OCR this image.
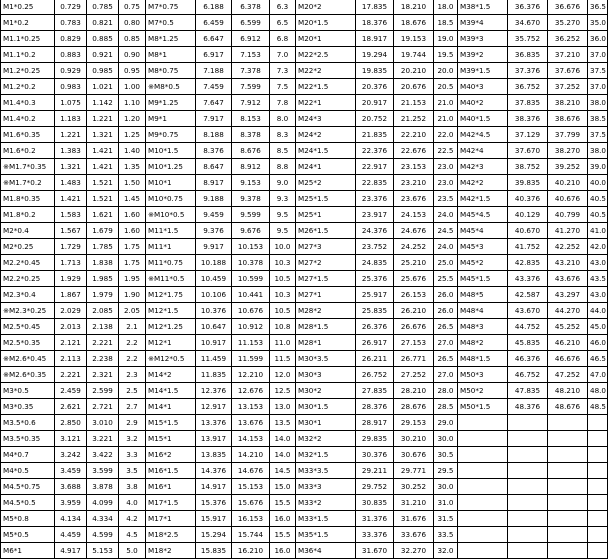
M1*0.25	0.729	0.785	0.75	M7*0.75	6.188	6.378	6.3	M20*2	17.835	18.210	18.0	M38*1.5	36.376	36.676	36.5
M1*0.2	0.783	0.821	0.80	M7*0.5	6.459	6.599	6.5	M20*1.5	18.376	18.676	18.5	M39*4	34.670	35.270	35.0
M1.1*0.25	0.829	0.885	0.85	M8*1.25	6.647	6.912	6.8	M20*1	18.917	19.153	19.0	M39*3	35.752	36.252	36.0
M1.1*0.2	0.883	0.921	0.90	M8*1	6.917	7.153	7.0	M22*2.5	19.294	19.744	19.5	M39*2	36.835	37.210	37.0
M1.2*0.25	0.929	0.985	0.95	M8*0.75	7.188	7.378	7.3	M22*2	19.835	20.210	20.0	M39*1.5	37.376	37.676	37.5
M1.2*0.2	0.983	1.021	1.00	※M8*0.5	7.459	7.599	7.5	M22*1.5	20.376	20.676	20.5	M40*3	36.752	37.252	37.0
M1.4*0.3	1.075	1.142	1.10	M9*1.25	7.647	7.912	7.8	M22*1	20.917	21.153	21.0	M40*2	37.835	38.210	38.0
M1.4*0.2	1.183	1.221	1.20	M9*1	7.917	8.153	8.0	M24*3	20.752	21.252	21.0	M40*1.5	38.376	38.676	38.5
M1.6*0.35	1.221	1.321	1.25	M9*0.75	8.188	8.378	8.3	M24*2	21.835	22.210	22.0	M42*4.5	37.129	37.799	37.5
M1.6*0.2	1.383	1.421	1.40	M10*1.5	8.376	8.676	8.5	M24*1.5	22.376	22.676	22.5	M42*4	37.670	38.270	38.0
※M1.7*0.35	1.321	1.421	1.35	M10*1.25	8.647	8.912	8.8	M24*1	22.917	23.153	23.0	M42*3	38.752	39.252	39.0
※M1.7*0.2	1.483	1.521	1.50	M10*1	8.917	9.153	9.0	M25*2	22.835	23.210	23.0	M42*2	39.835	40.210	40.0
M1.8*0.35	1.421	1.521	1.45	M10*0.75	9.188	9.378	9.3	M25*1.5	23.376	23.676	23.5	M42*1.5	40.376	40.676	40.5
M1.8*0.2	1.583	1.621	1.60	※M10*0.5	9.459	9.599	9.5	M25*1	23.917	24.153	24.0	M45*4.5	40.129	40.799	40.5
M2*0.4	1.567	1.679	1.60	M11*1.5	9.376	9.676	9.5	M26*1.5	24.376	24.676	24.5	M45*4	40.670	41.270	41.0
M2*0.25	1.729	1.785	1.75	M11*1	9.917	10.153	10.0	M27*3	23.752	24.252	24.0	M45*3	41.752	42.252	42.0
M2.2*0.45	1.713	1.838	1.75	M11*0.75	10.188	10.378	10.3	M27*2	24.835	25.210	25.0	M45*2	42.835	43.210	43.0
M2.2*0.25	1.929	1.985	1.95	※M11*0.5	10.459	10.599	10.5	M27*1.5	25.376	25.676	25.5	M45*1.5	43.376	43.676	43.5
M2.3*0.4	1.867	1.979	1.90	M12*1.75	10.106	10.441	10.3	M27*1	25.917	26.153	26.0	M48*5	42.587	43.297	43.0
※M2.3*0.25	2.029	2.085	2.05	M12*1.5	10.376	10.676	10.5	M28*2	25.835	26.210	26.0	M48*4	43.670	44.270	44.0
M2.5*0.45	2.013	2.138	2.1	M12*1.25	10.647	10.912	10.8	M28*1.5	26.376	26.676	26.5	M48*3	44.752	45.252	45.0
M2.5*0.35	2.121	2.221	2.2	M12*1	10.917	11.153	11.0	M28*1	26.917	27.153	27.0	M48*2	45.835	46.210	46.0
※M2.6*0.45	2.113	2.238	2.2	※M12*0.5	11.459	11.599	11.5	M30*3.5	26.211	26.771	26.5	M48*1.5	46.376	46.676	46.5
※M2.6*0.35	2.221	2.321	2.3	M14*2	11.835	12.210	12.0	M30*3	26.752	27.252	27.0	M50*3	46.752	47.252	47.0
M3*0.5	2.459	2.599	2.5	M14*1.5	12.376	12.676	12.5	M30*2	27.835	28.210	28.0	M50*2	47.835	48.210	48.0
M3*0.35	2.621	2.721	2.7	M14*1	12.917	13.153	13.0	M30*1.5	28.376	28.676	28.5	M50*1.5	48.376	48.676	48.5
M3.5*0.6	2.850	3.010	2.9	M15*1.5	13.376	13.676	13.5	M30*1	28.917	29.153	29.0				
M3.5*0.35	3.121	3.221	3.2	M15*1	13.917	14.153	14.0	M32*2	29.835	30.210	30.0				
M4*0.7	3.242	3.422	3.3	M16*2	13.835	14.210	14.0	M32*1.5	30.376	30.676	30.5				
M4*0.5	3.459	3.599	3.5	M16*1.5	14.376	14.676	14.5	M33*3.5	29.211	29.771	29.5				
M4.5*0.75	3.688	3.878	3.8	M16*1	14.917	15.153	15.0	M33*3	29.752	30.252	30.0				
M4.5*0.5	3.959	4.099	4.0	M17*1.5	15.376	15.676	15.5	M33*2	30.835	31.210	31.0				
M5*0.8	4.134	4.334	4.2	M17*1	15.917	16.153	16.0	M33*1.5	31.376	31.676	31.5				
M5*0.5	4.459	4.599	4.5	M18*2.5	15.294	15.744	15.5	M35*1.5	33.376	33.676	33.5				
M6*1	4.917	5.153	5.0	M18*2	15.835	16.210	16.0	M36*4	31.670	32.270	32.0				
